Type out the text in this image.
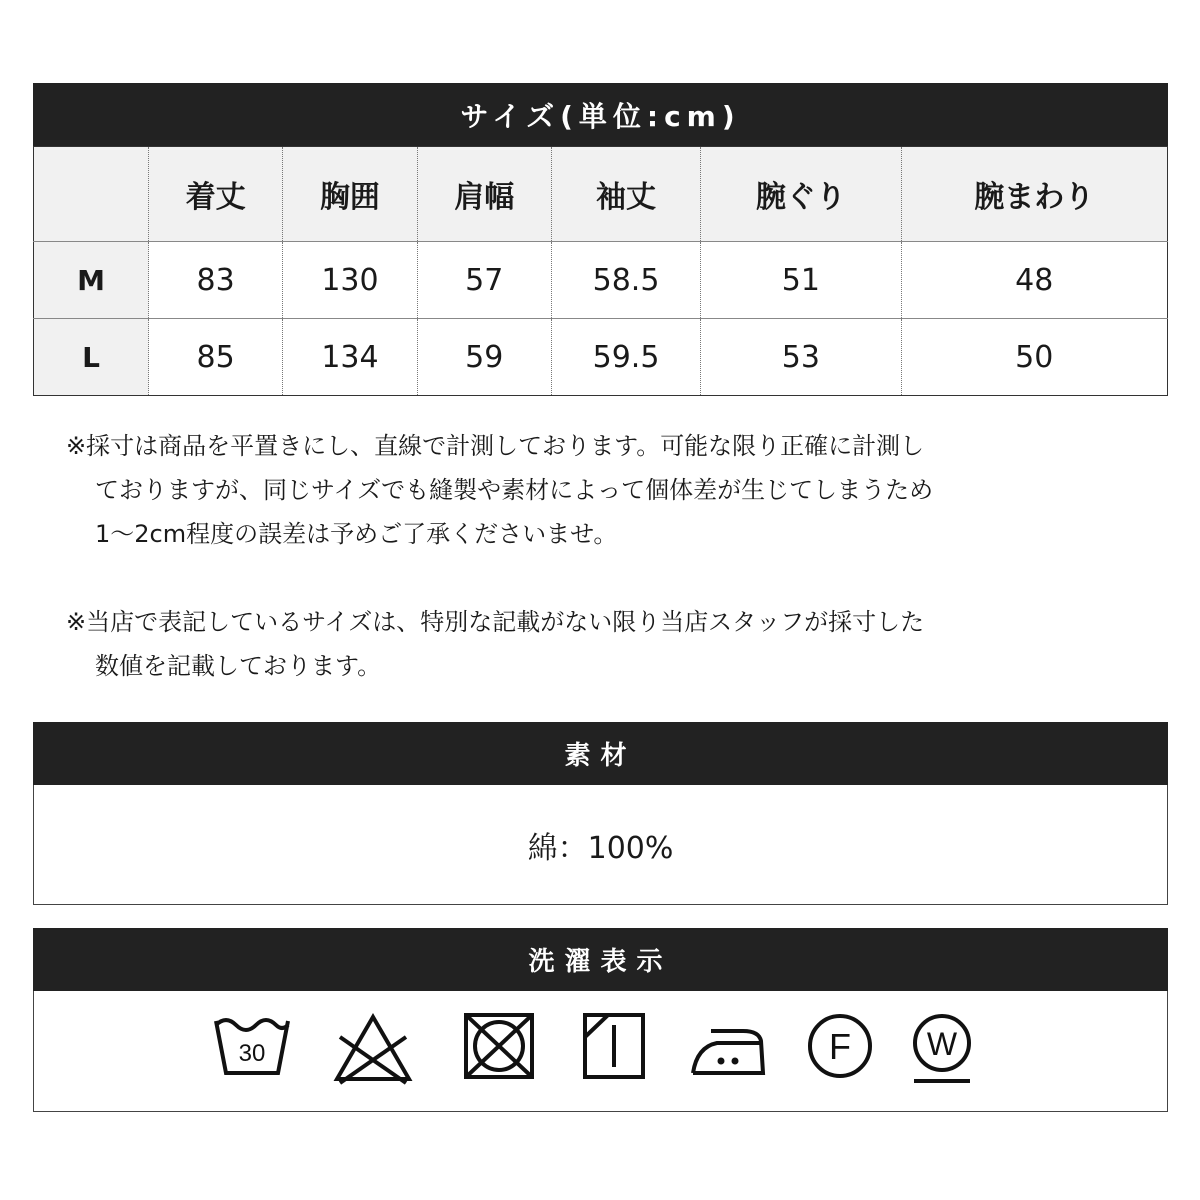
サイズ(単位:cm)
	着丈	胸囲	肩幅	袖丈	腕ぐり	腕まわり
M	83	130	57	58.5	51	48
L	85	134	59	59.5	53	50
※採寸は商品を平置きにし、直線で計測しております。可能な限り正確に計測し
ておりますが、同じサイズでも縫製や素材によって個体差が生じてしまうため
1〜2cm程度の誤差は予めご了承くださいませ。
※当店で表記しているサイズは、特別な記載がない限り当店スタッフが採寸した
数値を記載しております。
素材
綿：100%
洗濯表示
30	F W
